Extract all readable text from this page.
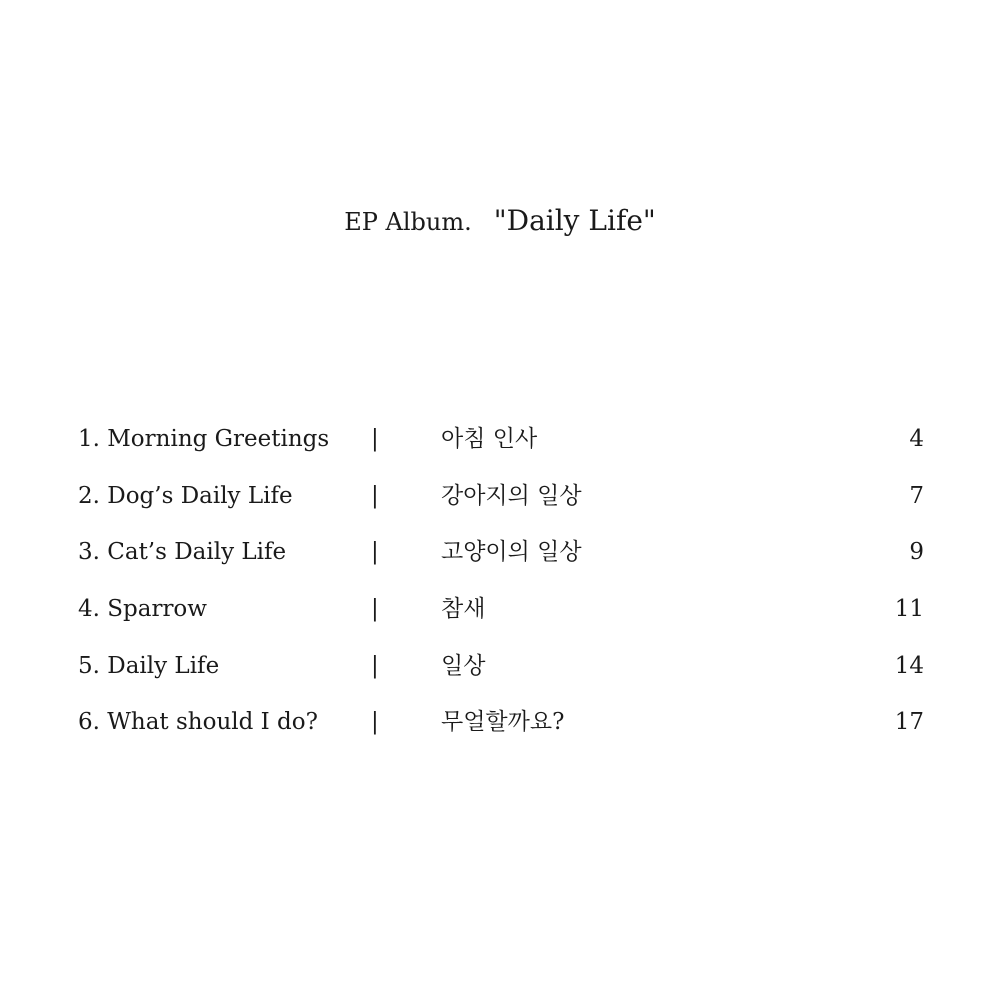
EP Album. "Daily Life"
1. Morning Greetings |	아침 인사	4
2. Dog’s Daily Life	|	강아지의 일상	7
3. Cat’s Daily Life	|	고양이의 일상	9
4. Sparrow	|	참새	11
5. Daily Life	|	일상	14
6. What should I do? |	무얼할까요?	17
